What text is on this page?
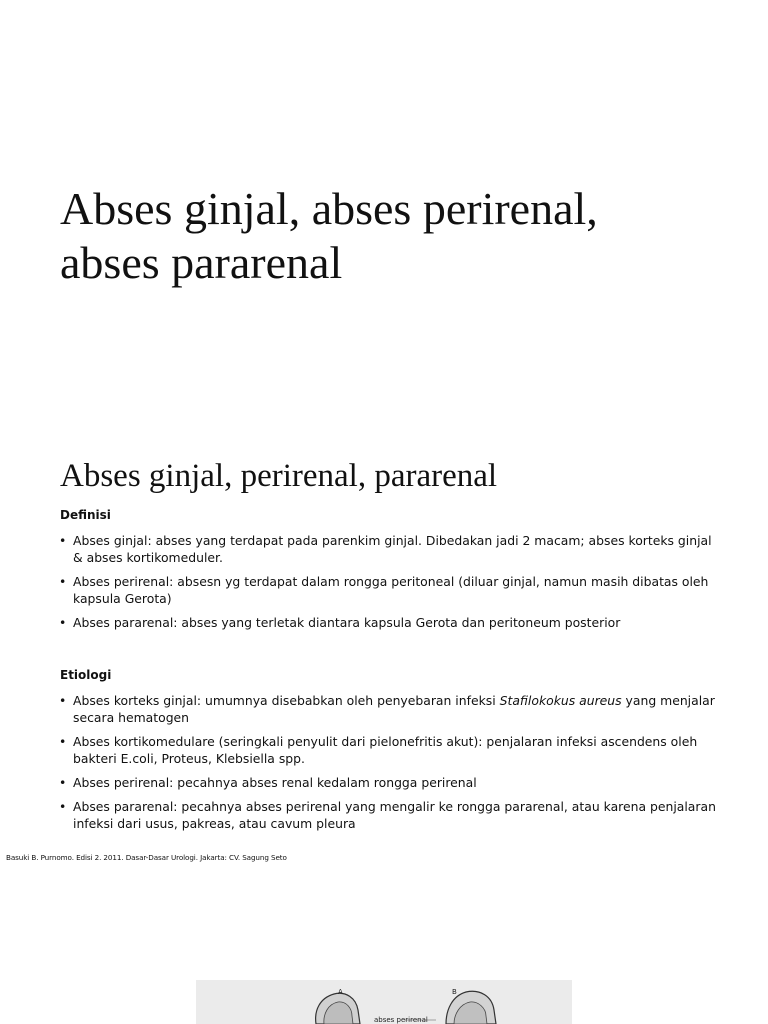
Abses ginjal, abses perirenal,
abses pararenal
Abses ginjal, perirenal, pararenal
Definisi
• Abses ginjal: abses yang terdapat pada parenkim ginjal. Dibedakan jadi 2 macam; abses korteks ginjal & abses kortikomeduler.
• Abses perirenal: absesn yg terdapat dalam rongga peritoneal (diluar ginjal, namun masih dibatas oleh kapsula Gerota)
• Abses pararenal: abses yang terletak diantara kapsula Gerota dan peritoneum posterior
Etiologi
• Abses korteks ginjal: umumnya disebabkan oleh penyebaran infeksi Stafilokokus aureus yang menjalar secara hematogen
• Abses kortikomedulare (seringkali penyulit dari pielonefritis akut): penjalaran infeksi ascendens oleh bakteri E.coli, Proteus, Klebsiella spp.
• Abses perirenal: pecahnya abses renal kedalam rongga perirenal
• Abses pararenal: pecahnya abses perirenal yang mengalir ke rongga pararenal, atau karena penjalaran infeksi dari usus, pakreas, atau cavum pleura
Basuki B. Purnomo. Edisi 2. 2011. Dasar-Dasar Urologi. Jakarta: CV. Sagung Seto
A	B
abses perirenal
